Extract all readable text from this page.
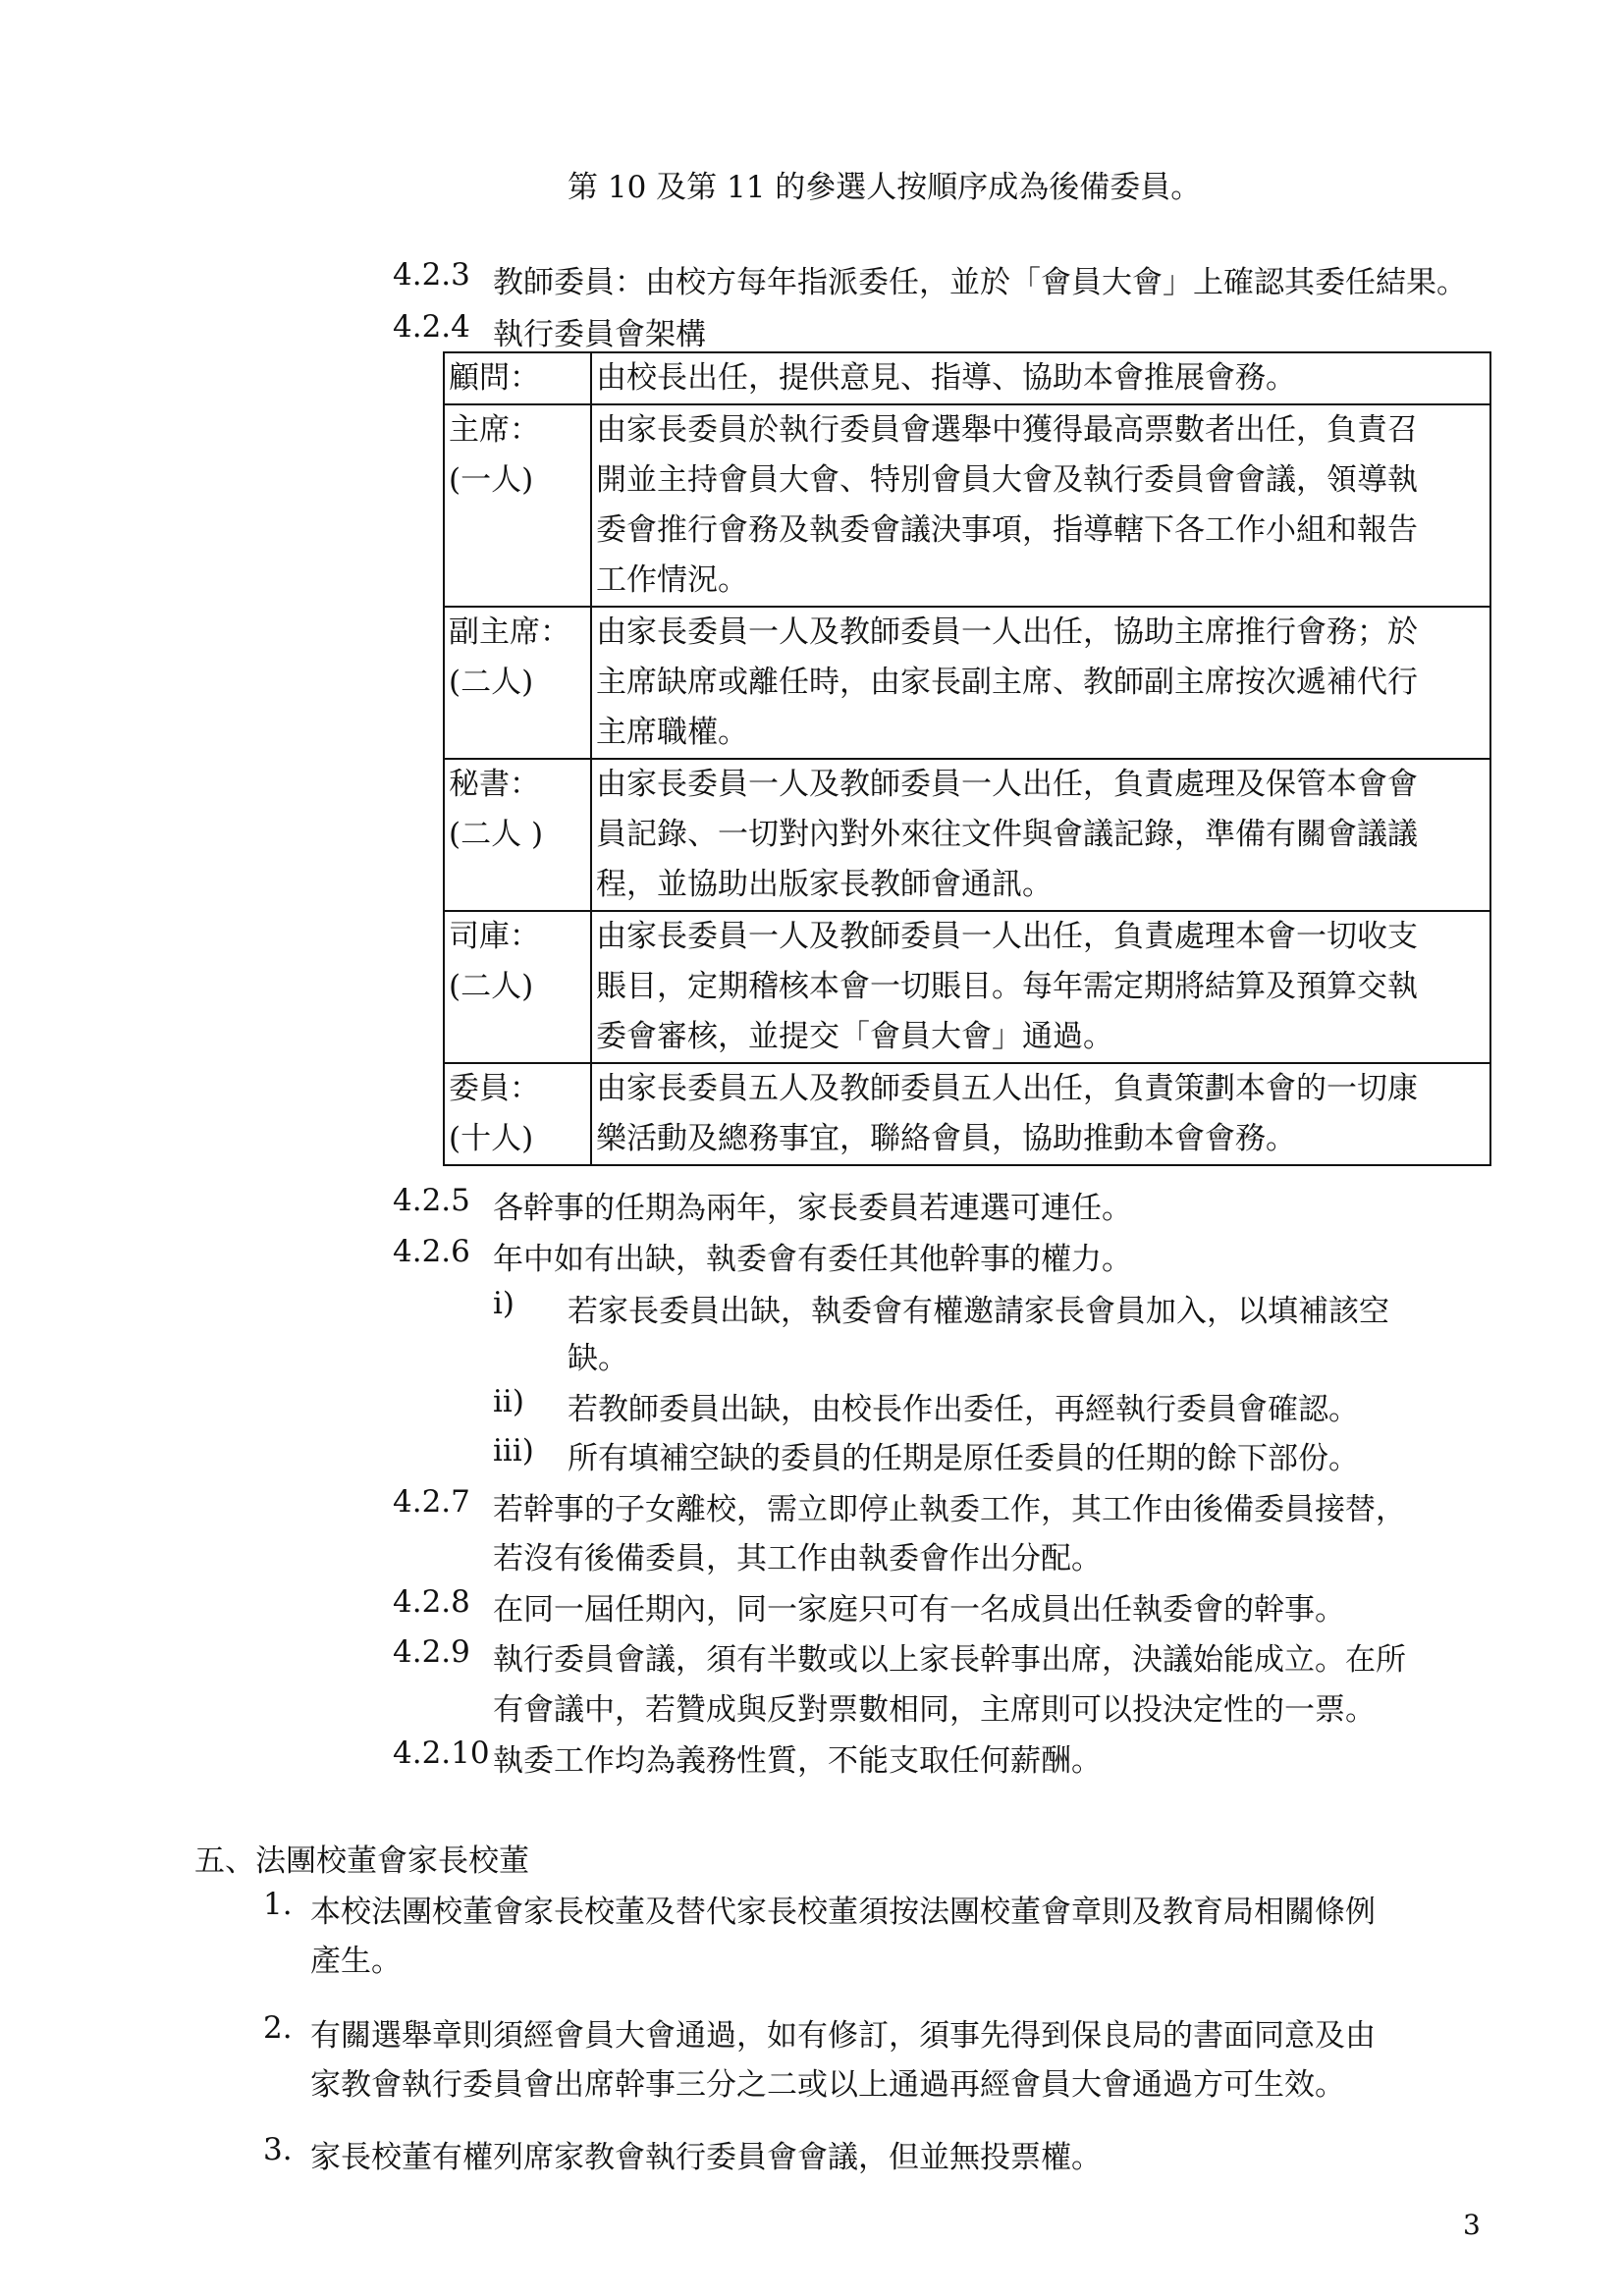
第 10 及第 11 的參選人按順序成為後備委員。
4.2.3 教師委員：由校方每年指派委任，並於「會員大會」上確認其委任結果。
4.2.4 執行委員會架構
顧問：	由校長出任，提供意見、指導、協助本會推展會務。

主席：
(一人)	由家長委員於執行委員會選舉中獲得最高票數者出任，負責召
開並主持會員大會、特別會員大會及執行委員會會議，領導執
委會推行會務及執委會議決事項，指導轄下各工作小組和報告
工作情況。

副主席：
(二人)	由家長委員一人及教師委員一人出任，協助主席推行會務；於
主席缺席或離任時，由家長副主席、教師副主席按次遞補代行
主席職權。

秘書：
(二人 )	由家長委員一人及教師委員一人出任，負責處理及保管本會會
員記錄、一切對內對外來往文件與會議記錄，準備有關會議議
程，並協助出版家長教師會通訊。

司庫：
(二人)	由家長委員一人及教師委員一人出任，負責處理本會一切收支
賬目，定期稽核本會一切賬目。每年需定期將結算及預算交執
委會審核，並提交「會員大會」通過。

委員：
(十人)	由家長委員五人及教師委員五人出任，負責策劃本會的一切康
樂活動及總務事宜，聯絡會員，協助推動本會會務。
4.2.5 各幹事的任期為兩年，家長委員若連選可連任。
4.2.6 年中如有出缺，執委會有委任其他幹事的權力。
i) 若家長委員出缺，執委會有權邀請家長會員加入，以填補該空
缺。
ii) 若教師委員出缺，由校長作出委任，再經執行委員會確認。
iii) 所有填補空缺的委員的任期是原任委員的任期的餘下部份。
4.2.7 若幹事的子女離校，需立即停止執委工作，其工作由後備委員接替，
若沒有後備委員，其工作由執委會作出分配。
4.2.8 在同一屆任期內，同一家庭只可有一名成員出任執委會的幹事。
4.2.9 執行委員會議，須有半數或以上家長幹事出席，決議始能成立。在所
有會議中，若贊成與反對票數相同，主席則可以投決定性的一票。
4.2.10 執委工作均為義務性質，不能支取任何薪酬。
五、法團校董會家長校董
1. 本校法團校董會家長校董及替代家長校董須按法團校董會章則及教育局相關條例
產生。
2. 有關選舉章則須經會員大會通過，如有修訂，須事先得到保良局的書面同意及由
家教會執行委員會出席幹事三分之二或以上通過再經會員大會通過方可生效。
3. 家長校董有權列席家教會執行委員會會議，但並無投票權。
3
